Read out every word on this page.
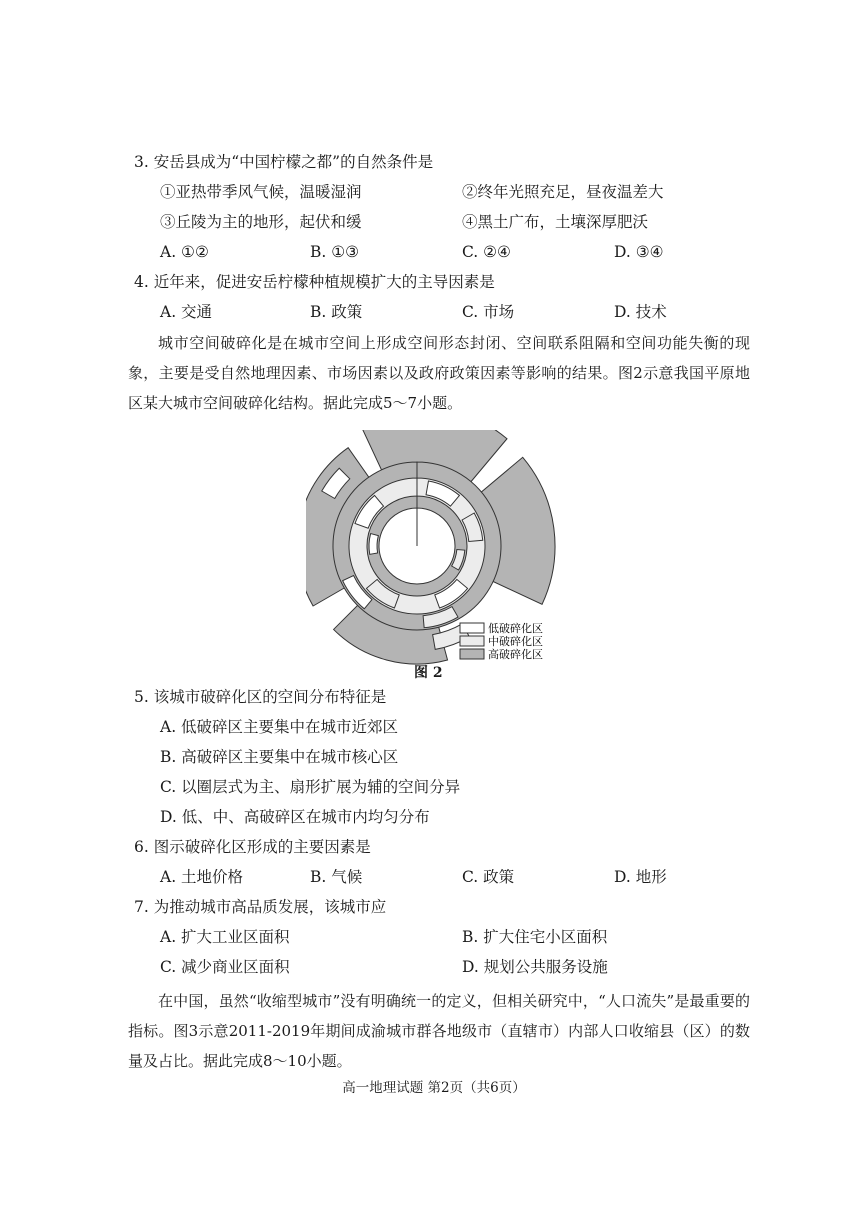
3. 安岳县成为“中国柠檬之都”的自然条件是
①亚热带季风气候，温暖湿润	②终年光照充足，昼夜温差大
③丘陵为主的地形，起伏和缓	④黑土广布，土壤深厚肥沃
A. ①②	B. ①③	C. ②④	D. ③④
4. 近年来，促进安岳柠檬种植规模扩大的主导因素是
A. 交通	B. 政策	C. 市场	D. 技术

城市空间破碎化是在城市空间上形成空间形态封闭、空间联系阻隔和空间功能失衡的现象，主要是受自然地理因素、市场因素以及政府政策因素等影响的结果。图2示意我国平原地区某大城市空间破碎化结构。据此完成5～7小题。

低破碎化区
中破碎化区
高破碎化区
图 2
5. 该城市破碎化区的空间分布特征是
A. 低破碎区主要集中在城市近郊区
B. 高破碎区主要集中在城市核心区
C. 以圈层式为主、扇形扩展为辅的空间分异
D. 低、中、高破碎区在城市内均匀分布
6. 图示破碎化区形成的主要因素是
A. 土地价格	B. 气候	C. 政策	D. 地形
7. 为推动城市高品质发展，该城市应
A. 扩大工业区面积	B. 扩大住宅小区面积
C. 减少商业区面积	D. 规划公共服务设施

在中国，虽然“收缩型城市”没有明确统一的定义，但相关研究中，“人口流失”是最重要的指标。图3示意2011-2019年期间成渝城市群各地级市（直辖市）内部人口收缩县（区）的数量及占比。据此完成8～10小题。

高一地理试题 第2页（共6页）
